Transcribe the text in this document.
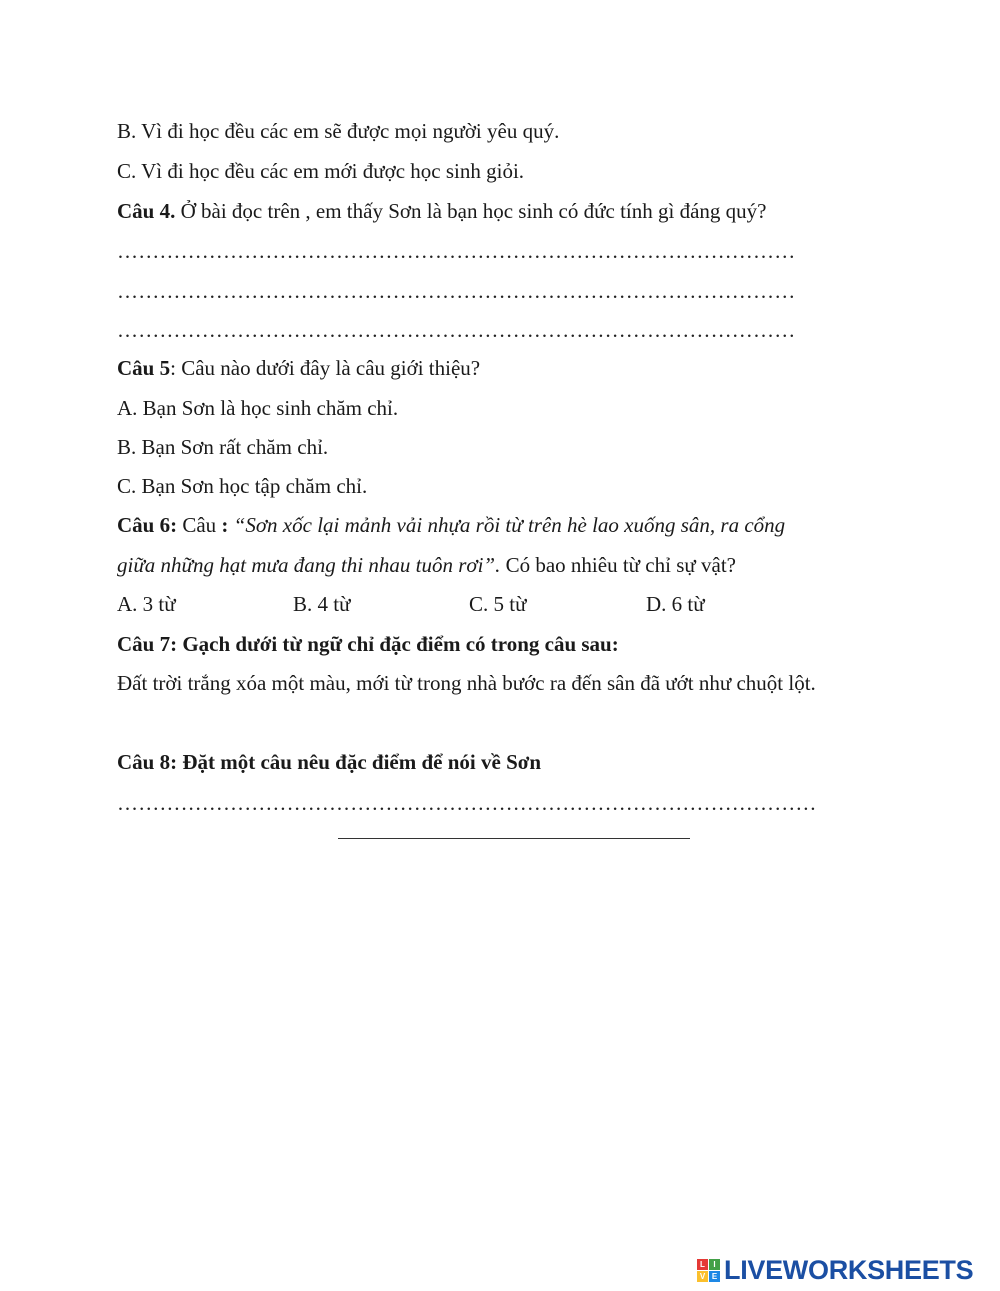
B. Vì đi học đều các em sẽ được mọi người yêu quý.
C. Vì đi học đều các em mới được học sinh giỏi.
Câu 4. Ở bài đọc trên , em thấy Sơn là bạn học sinh có đức tính gì đáng quý?
……………………………………………………………………………………
……………………………………………………………………………………
……………………………………………………………………………………
Câu 5: Câu nào dưới đây là câu giới thiệu?
A. Bạn Sơn là học sinh chăm chỉ.
B. Bạn Sơn rất chăm chỉ.
C. Bạn Sơn học tập chăm chỉ.
Câu 6: Câu : “Sơn xốc lại mảnh vải nhựa rồi từ trên hè lao xuống sân, ra cổng
giữa những hạt mưa đang thi nhau tuôn rơi”. Có bao nhiêu từ chỉ sự vật?
A. 3 từ	B. 4 từ	C. 5 từ	D. 6 từ
Câu 7: Gạch dưới từ ngữ chỉ đặc điểm có trong câu sau:
Đất trời trắng xóa một màu, mới từ trong nhà bước ra đến sân đã ướt như chuột lột.
Câu 8: Đặt một câu nêu đặc điểm để nói về Sơn
………………………………………………………………………………………
L	I
V E LIVEWORKSHEETS
